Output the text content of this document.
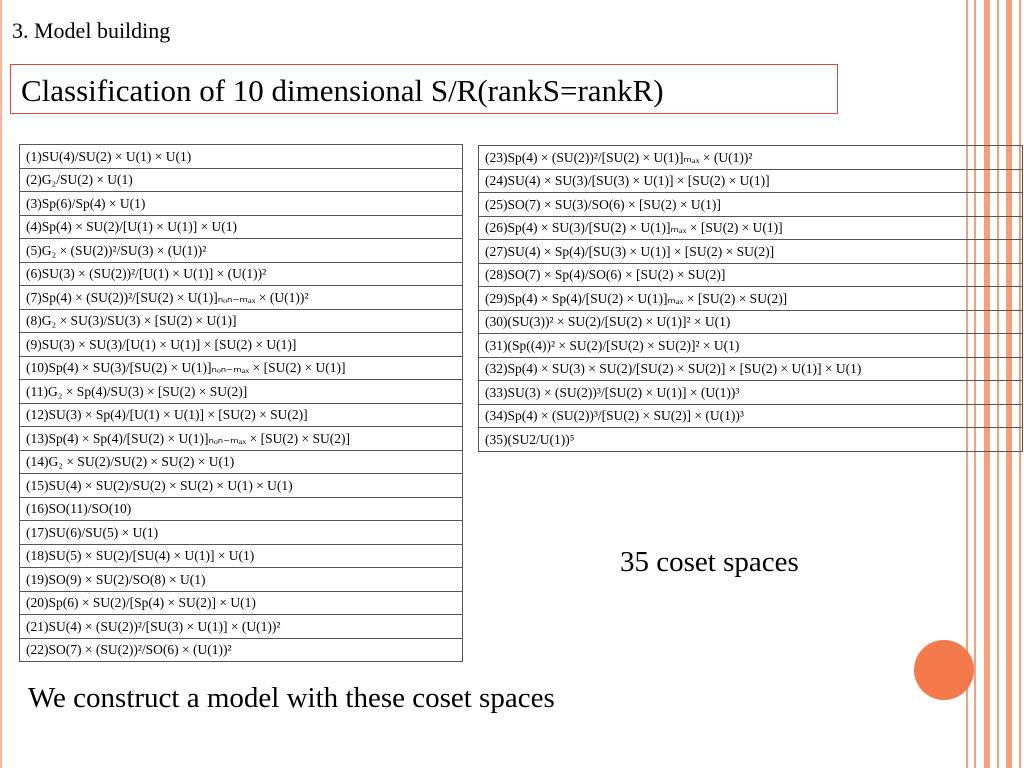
3. Model building
Classification of 10 dimensional S/R(rankS=rankR)
(1)SU(4)/SU(2) × U(1) × U(1)
(2)G₂/SU(2) × U(1)
(3)Sp(6)/Sp(4) × U(1)
(4)Sp(4) × SU(2)/[U(1) × U(1)] × U(1)
(5)G₂ × (SU(2))²/SU(3) × (U(1))²
(6)SU(3) × (SU(2))²/[U(1) × U(1)] × (U(1))²
(7)Sp(4) × (SU(2))²/[SU(2) × U(1)]ₙₒₙ₋ₘₐₓ × (U(1))²
(8)G₂ × SU(3)/SU(3) × [SU(2) × U(1)]
(9)SU(3) × SU(3)/[U(1) × U(1)] × [SU(2) × U(1)]
(10)Sp(4) × SU(3)/[SU(2) × U(1)]ₙₒₙ₋ₘₐₓ × [SU(2) × U(1)]
(11)G₂ × Sp(4)/SU(3) × [SU(2) × SU(2)]
(12)SU(3) × Sp(4)/[U(1) × U(1)] × [SU(2) × SU(2)]
(13)Sp(4) × Sp(4)/[SU(2) × U(1)]ₙₒₙ₋ₘₐₓ × [SU(2) × SU(2)]
(14)G₂ × SU(2)/SU(2) × SU(2) × U(1)
(15)SU(4) × SU(2)/SU(2) × SU(2) × U(1) × U(1)
(16)SO(11)/SO(10)
(17)SU(6)/SU(5) × U(1)
(18)SU(5) × SU(2)/[SU(4) × U(1)] × U(1)
(19)SO(9) × SU(2)/SO(8) × U(1)
(20)Sp(6) × SU(2)/[Sp(4) × SU(2)] × U(1)
(21)SU(4) × (SU(2))²/[SU(3) × U(1)] × (U(1))²
(22)SO(7) × (SU(2))²/SO(6) × (U(1))²
(23)Sp(4) × (SU(2))²/[SU(2) × U(1)]ₘₐₓ × (U(1))²
(24)SU(4) × SU(3)/[SU(3) × U(1)] × [SU(2) × U(1)]
(25)SO(7) × SU(3)/SO(6) × [SU(2) × U(1)]
(26)Sp(4) × SU(3)/[SU(2) × U(1)]ₘₐₓ × [SU(2) × U(1)]
(27)SU(4) × Sp(4)/[SU(3) × U(1)] × [SU(2) × SU(2)]
(28)SO(7) × Sp(4)/SO(6) × [SU(2) × SU(2)]
(29)Sp(4) × Sp(4)/[SU(2) × U(1)]ₘₐₓ × [SU(2) × SU(2)]
(30)(SU(3))² × SU(2)/[SU(2) × U(1)]² × U(1)
(31)(Sp((4))² × SU(2)/[SU(2) × SU(2)]² × U(1)
(32)Sp(4) × SU(3) × SU(2)/[SU(2) × SU(2)] × [SU(2) × U(1)] × U(1)
(33)SU(3) × (SU(2))³/[SU(2) × U(1)] × (U(1))³
(34)Sp(4) × (SU(2))³/[SU(2) × SU(2)] × (U(1))³
(35)(SU2/U(1))⁵
35 coset spaces
We construct a model with these coset spaces
